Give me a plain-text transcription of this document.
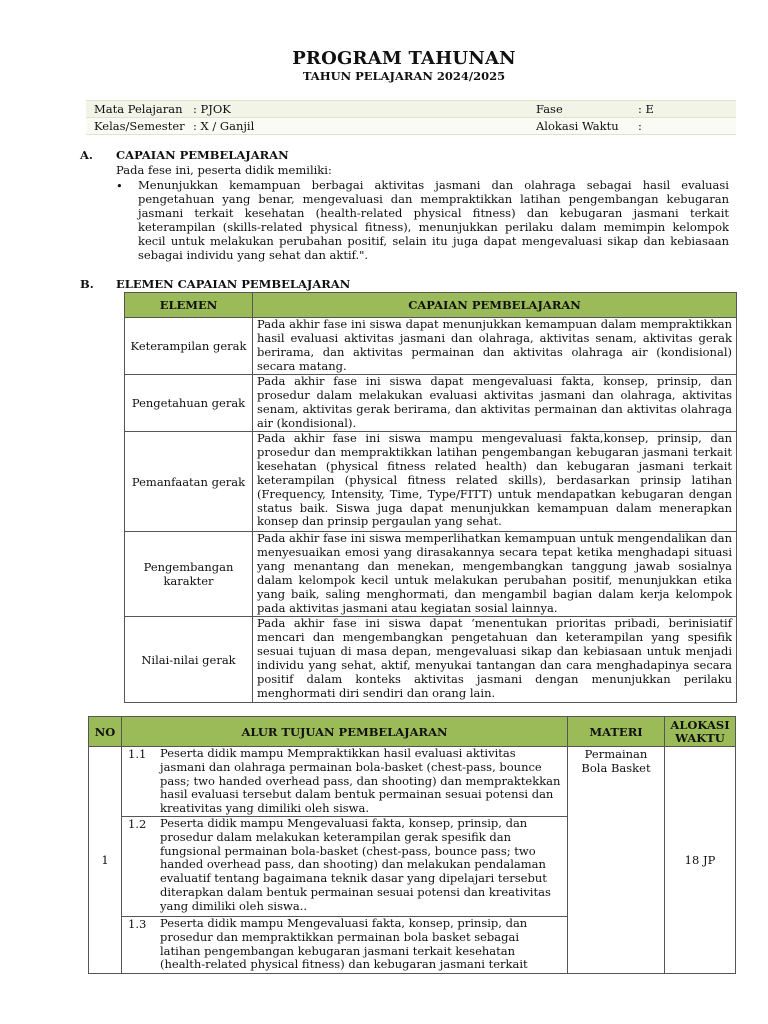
PROGRAM TAHUNAN
TAHUN PELAJARAN 2024/2025
Mata Pelajaran : PJOK	Fase	: E
Kelas/Semester : X / Ganjil	Alokasi Waktu :
A. CAPAIAN PEMBELAJARAN
Pada fese ini, peserta didik memiliki:
• Menunjukkan kemampuan berbagai aktivitas jasmani dan olahraga sebagai hasil evaluasi pengetahuan yang benar, mengevaluasi dan mempraktikkan latihan pengembangan kebugaran jasmani terkait kesehatan (health-related physical fitness) dan kebugaran jasmani terkait keterampilan (skills-related physical fitness), menunjukkan perilaku dalam memimpin kelompok kecil untuk melakukan perubahan positif, selain itu juga dapat mengevaluasi sikap dan kebiasaan sebagai individu yang sehat dan aktif.".
B. ELEMEN CAPAIAN PEMBELAJARAN
ELEMEN	CAPAIAN PEMBELAJARAN
Keterampilan gerak	Pada akhir fase ini siswa dapat menunjukkan kemampuan dalam mempraktikkan hasil evaluasi aktivitas jasmani dan olahraga, aktivitas senam, aktivitas gerak berirama, dan aktivitas permainan dan aktivitas olahraga air (kondisional) secara matang.
Pengetahuan gerak	Pada akhir fase ini siswa dapat mengevaluasi fakta, konsep, prinsip, dan prosedur dalam melakukan evaluasi aktivitas jasmani dan olahraga, aktivitas senam, aktivitas gerak berirama, dan aktivitas permainan dan aktivitas olahraga air (kondisional).
Pemanfaatan gerak	Pada akhir fase ini siswa mampu mengevaluasi fakta,konsep, prinsip, dan prosedur dan mempraktikkan latihan pengembangan kebugaran jasmani terkait kesehatan (physical fitness related health) dan kebugaran jasmani terkait keterampilan (physical fitness related skills), berdasarkan prinsip latihan (Frequency, Intensity, Time, Type/FITT) untuk mendapatkan kebugaran dengan status baik. Siswa juga dapat menunjukkan kemampuan dalam menerapkan konsep dan prinsip pergaulan yang sehat.
Pengembangan karakter	Pada akhir fase ini siswa memperlihatkan kemampuan untuk mengendalikan dan menyesuaikan emosi yang dirasakannya secara tepat ketika menghadapi situasi yang menantang dan menekan, mengembangkan tanggung jawab sosialnya dalam kelompok kecil untuk melakukan perubahan positif, menunjukkan etika yang baik, saling menghormati, dan mengambil bagian dalam kerja kelompok pada aktivitas jasmani atau kegiatan sosial lainnya.
Nilai-nilai gerak	Pada akhir fase ini siswa dapat ‘menentukan prioritas pribadi, berinisiatif mencari dan mengembangkan pengetahuan dan keterampilan yang spesifik sesuai tujuan di masa depan, mengevaluasi sikap dan kebiasaan untuk menjadi individu yang sehat, aktif, menyukai tantangan dan cara menghadapinya secara positif dalam konteks aktivitas jasmani dengan menunjukkan perilaku menghormati diri sendiri dan orang lain.
NO	ALUR TUJUAN PEMBELAJARAN		MATERI	ALOKASI WAKTU
1	1.1	Peserta didik mampu Mempraktikkan hasil evaluasi aktivitas jasmani dan olahraga permainan bola-basket (chest-pass, bounce pass; two handed overhead pass, dan shooting) dan mempraktekkan hasil evaluasi tersebut dalam bentuk permainan sesuai potensi dan kreativitas yang dimiliki oleh siswa.	Permainan Bola Basket	18 JP
	1.2	Peserta didik mampu Mengevaluasi fakta, konsep, prinsip, dan prosedur dalam melakukan keterampilan gerak spesifik dan fungsional permainan bola-basket (chest-pass, bounce pass; two handed overhead pass, dan shooting) dan melakukan pendalaman evaluatif tentang bagaimana teknik dasar yang dipelajari tersebut diterapkan dalam bentuk permainan sesuai potensi dan kreativitas yang dimiliki oleh siswa..		
	1.3	Peserta didik mampu Mengevaluasi fakta, konsep, prinsip, dan prosedur dan mempraktikkan permainan bola basket sebagai latihan pengembangan kebugaran jasmani terkait kesehatan (health-related physical fitness) dan kebugaran jasmani terkait		
